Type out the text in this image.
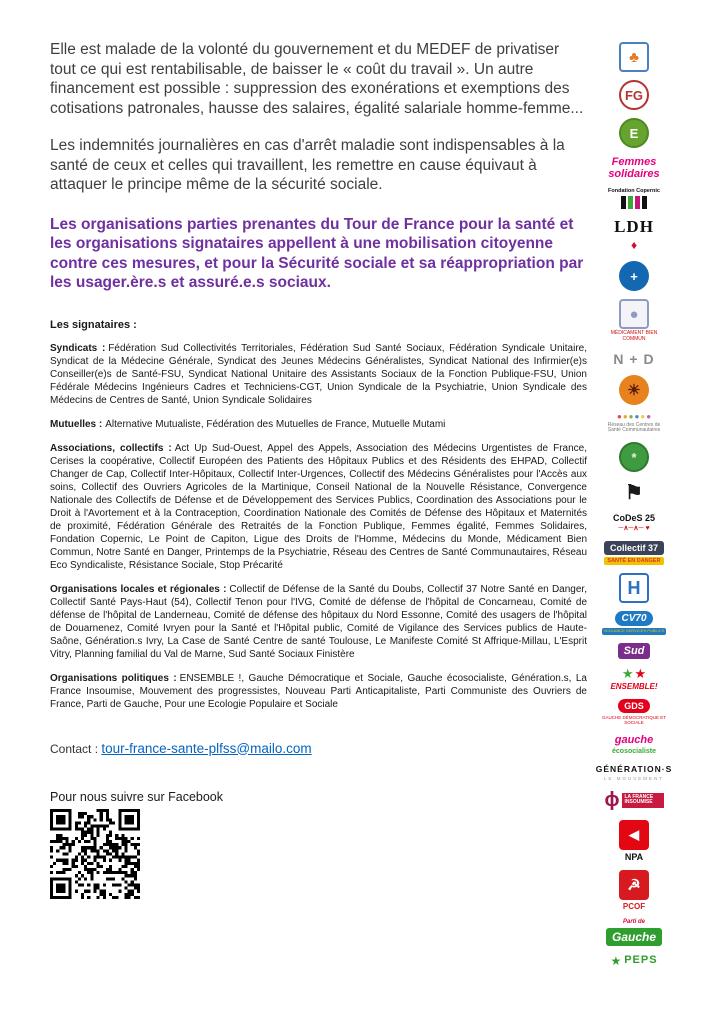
Elle est malade de la volonté du gouvernement et du MEDEF de privatiser tout ce qui est rentabilisable, de baisser le « coût du travail ». Un autre financement est possible : suppression des exonérations et exemptions des cotisations patronales, hausse des salaires, égalité salariale homme-femme...

Les indemnités journalières en cas d'arrêt maladie sont indispensables à la santé de ceux et celles qui travaillent, les remettre en cause équivaut à attaquer le principe même de la sécurité sociale.

Les organisations parties prenantes du Tour de France pour la santé et les organisations signataires appellent à une mobilisation citoyenne contre ces mesures, et pour la Sécurité sociale et sa réappropriation par les usager.ère.s et assuré.e.s sociaux.

Les signataires :

Syndicats : Fédération Sud Collectivités Territoriales, Fédération Sud Santé Sociaux, Fédération Syndicale Unitaire, Syndicat de la Médecine Générale, Syndicat des Jeunes Médecins Généralistes, Syndicat National des Infirmier(e)s Conseiller(e)s de Santé-FSU, Syndicat National Unitaire des Assistants Sociaux de la Fonction Publique-FSU, Union Fédérale Médecins Ingénieurs Cadres et Techniciens-CGT, Union Syndicale de la Psychiatrie, Union Syndicale des Médecins de Centres de Santé, Union Syndicale Solidaires

Mutuelles : Alternative Mutualiste, Fédération des Mutuelles de France, Mutuelle Mutami

Associations, collectifs : Act Up Sud-Ouest, Appel des Appels, Association des Médecins Urgentistes de France, Cerises la coopérative, Collectif Européen des Patients des Hôpitaux Publics et des Résidents des EHPAD, Collectif Changer de Cap, Collectif Inter-Hôpitaux, Collectif Inter-Urgences, Collectif des Médecins Généralistes pour l'Accès aux soins, Collectif des Ouvriers Agricoles de la Martinique, Conseil National de la Nouvelle Résistance, Convergence Nationale des Collectifs de Défense et de Développement des Services Publics, Coordination des Associations pour le Droit à l'Avortement et à la Contraception, Coordination Nationale des Comités de Défense des Hôpitaux et Maternités de proximité, Fédération Générale des Retraités de la Fonction Publique, Femmes égalité, Femmes Solidaires, Fondation Copernic, Le Point de Capiton, Ligue des Droits de l'Homme, Médecins du Monde, Médicament Bien Commun, Notre Santé en Danger, Printemps de la Psychiatrie, Réseau des Centres de Santé Communautaires, Réseau Eco Syndicaliste, Résistance Sociale, Stop Précarité

Organisations locales et régionales : Collectif de Défense de la Santé du Doubs, Collectif 37 Notre Santé en Danger, Collectif Santé Pays-Haut (54), Collectif Tenon pour l'IVG, Comité de défense de l'hôpital de Concarneau, Comité de défense de l'hôpital de Landerneau, Comité de défense des hôpitaux du Nord Essonne, Comité des usagers de l'hôpital de Douarnenez, Comité Ivryen pour la Santé et l'Hôpital public, Comité de Vigilance des Services publics de Haute-Saône, Génération.s Ivry, La Case de Santé Centre de santé Toulouse, Le Manifeste Comité St Affrique-Millau, L'Esprit Vitry, Planning familial du Val de Marne, Sud Santé Sociaux Finistère

Organisations politiques : ENSEMBLE !, Gauche Démocratique et Sociale, Gauche écosocialiste, Génération.s, La France Insoumise, Mouvement des progressistes, Nouveau Parti Anticapitaliste, Parti Communiste des Ouvriers de France, Parti de Gauche, Pour une Ecologie Populaire et Sociale

Contact : tour-france-sante-plfss@mailo.com

Pour nous suivre sur Facebook

♣
FG
E
Femmes solidaires
Fondation Copernic
LDH
♦
+
●
MÉDICAMENT BIEN COMMUN
N + D
☀
● ● ● ● ● ●
Réseau des Centres de Santé Communautaires
*
⚑
CoDeS 25
─∧─∧─ ♥
Collectif 37
SANTÉ EN DANGER
H
CV70
VIGILANCE SERVICES PUBLICS
Sud
★ ★
ENSEMBLE!
GDS
GAUCHE DÉMOCRATIQUE ET SOCIALE
gauche
écosocialiste
GÉNÉRATION·S
LE MOUVEMENT
ϕ	LA FRANCE INSOUMISE
◀
NPA
☭
PCOF
Gauche
Parti de
★ PEPS
